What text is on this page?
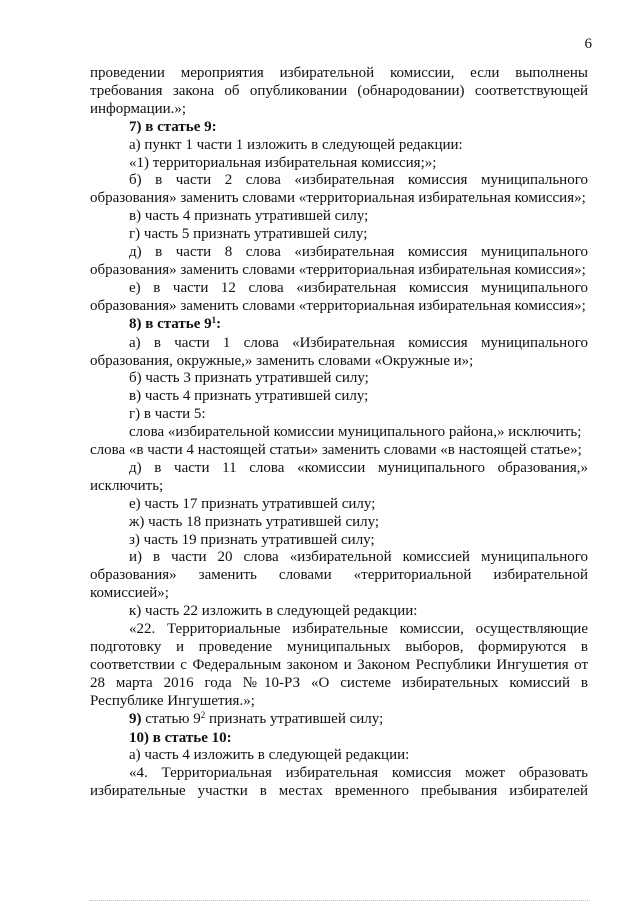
6

проведении мероприятия избирательной комиссии, если выполнены требования закона об опубликовании (обнародовании) соответствующей информации.»;

7) в статье 9:

а) пункт 1 части 1 изложить в следующей редакции:

«1) территориальная избирательная комиссия;»;

б) в части 2 слова «избирательная комиссия муниципального образования» заменить словами «территориальная избирательная комиссия»;

в) часть 4 признать утратившей силу;

г) часть 5 признать утратившей силу;

д) в части 8 слова «избирательная комиссия муниципального образования» заменить словами «территориальная избирательная комиссия»;

е) в части 12 слова «избирательная комиссия муниципального образования» заменить словами «территориальная избирательная комиссия»;

8) в статье $9^1$:

а) в части 1 слова «Избирательная комиссия муниципального образования, окружные,» заменить словами «Окружные и»;

б) часть 3 признать утратившей силу;

в) часть 4 признать утратившей силу;

г) в части 5:

слова «избирательной комиссии муниципального района,» исключить;

слова «в части 4 настоящей статьи» заменить словами «в настоящей статье»;

д) в части 11 слова «комиссии муниципального образования,» исключить;

е) часть 17 признать утратившей силу;

ж) часть 18 признать утратившей силу;

з) часть 19 признать утратившей силу;

и) в части 20 слова «избирательной комиссией муниципального образования» заменить словами «территориальной избирательной комиссией»;

к) часть 22 изложить в следующей редакции:

«22. Территориальные избирательные комиссии, осуществляющие подготовку и проведение муниципальных выборов, формируются в соответствии с Федеральным законом и Законом Республики Ингушетия от 28 марта 2016 года №10-РЗ «О системе избирательных комиссий в Республике Ингушетия.»;

9) статью $9^2$ признать утратившей силу;

10) в статье 10:

а) часть 4 изложить в следующей редакции:

«4. Территориальная избирательная комиссия может образовать избирательные участки в местах временного пребывания избирателей
